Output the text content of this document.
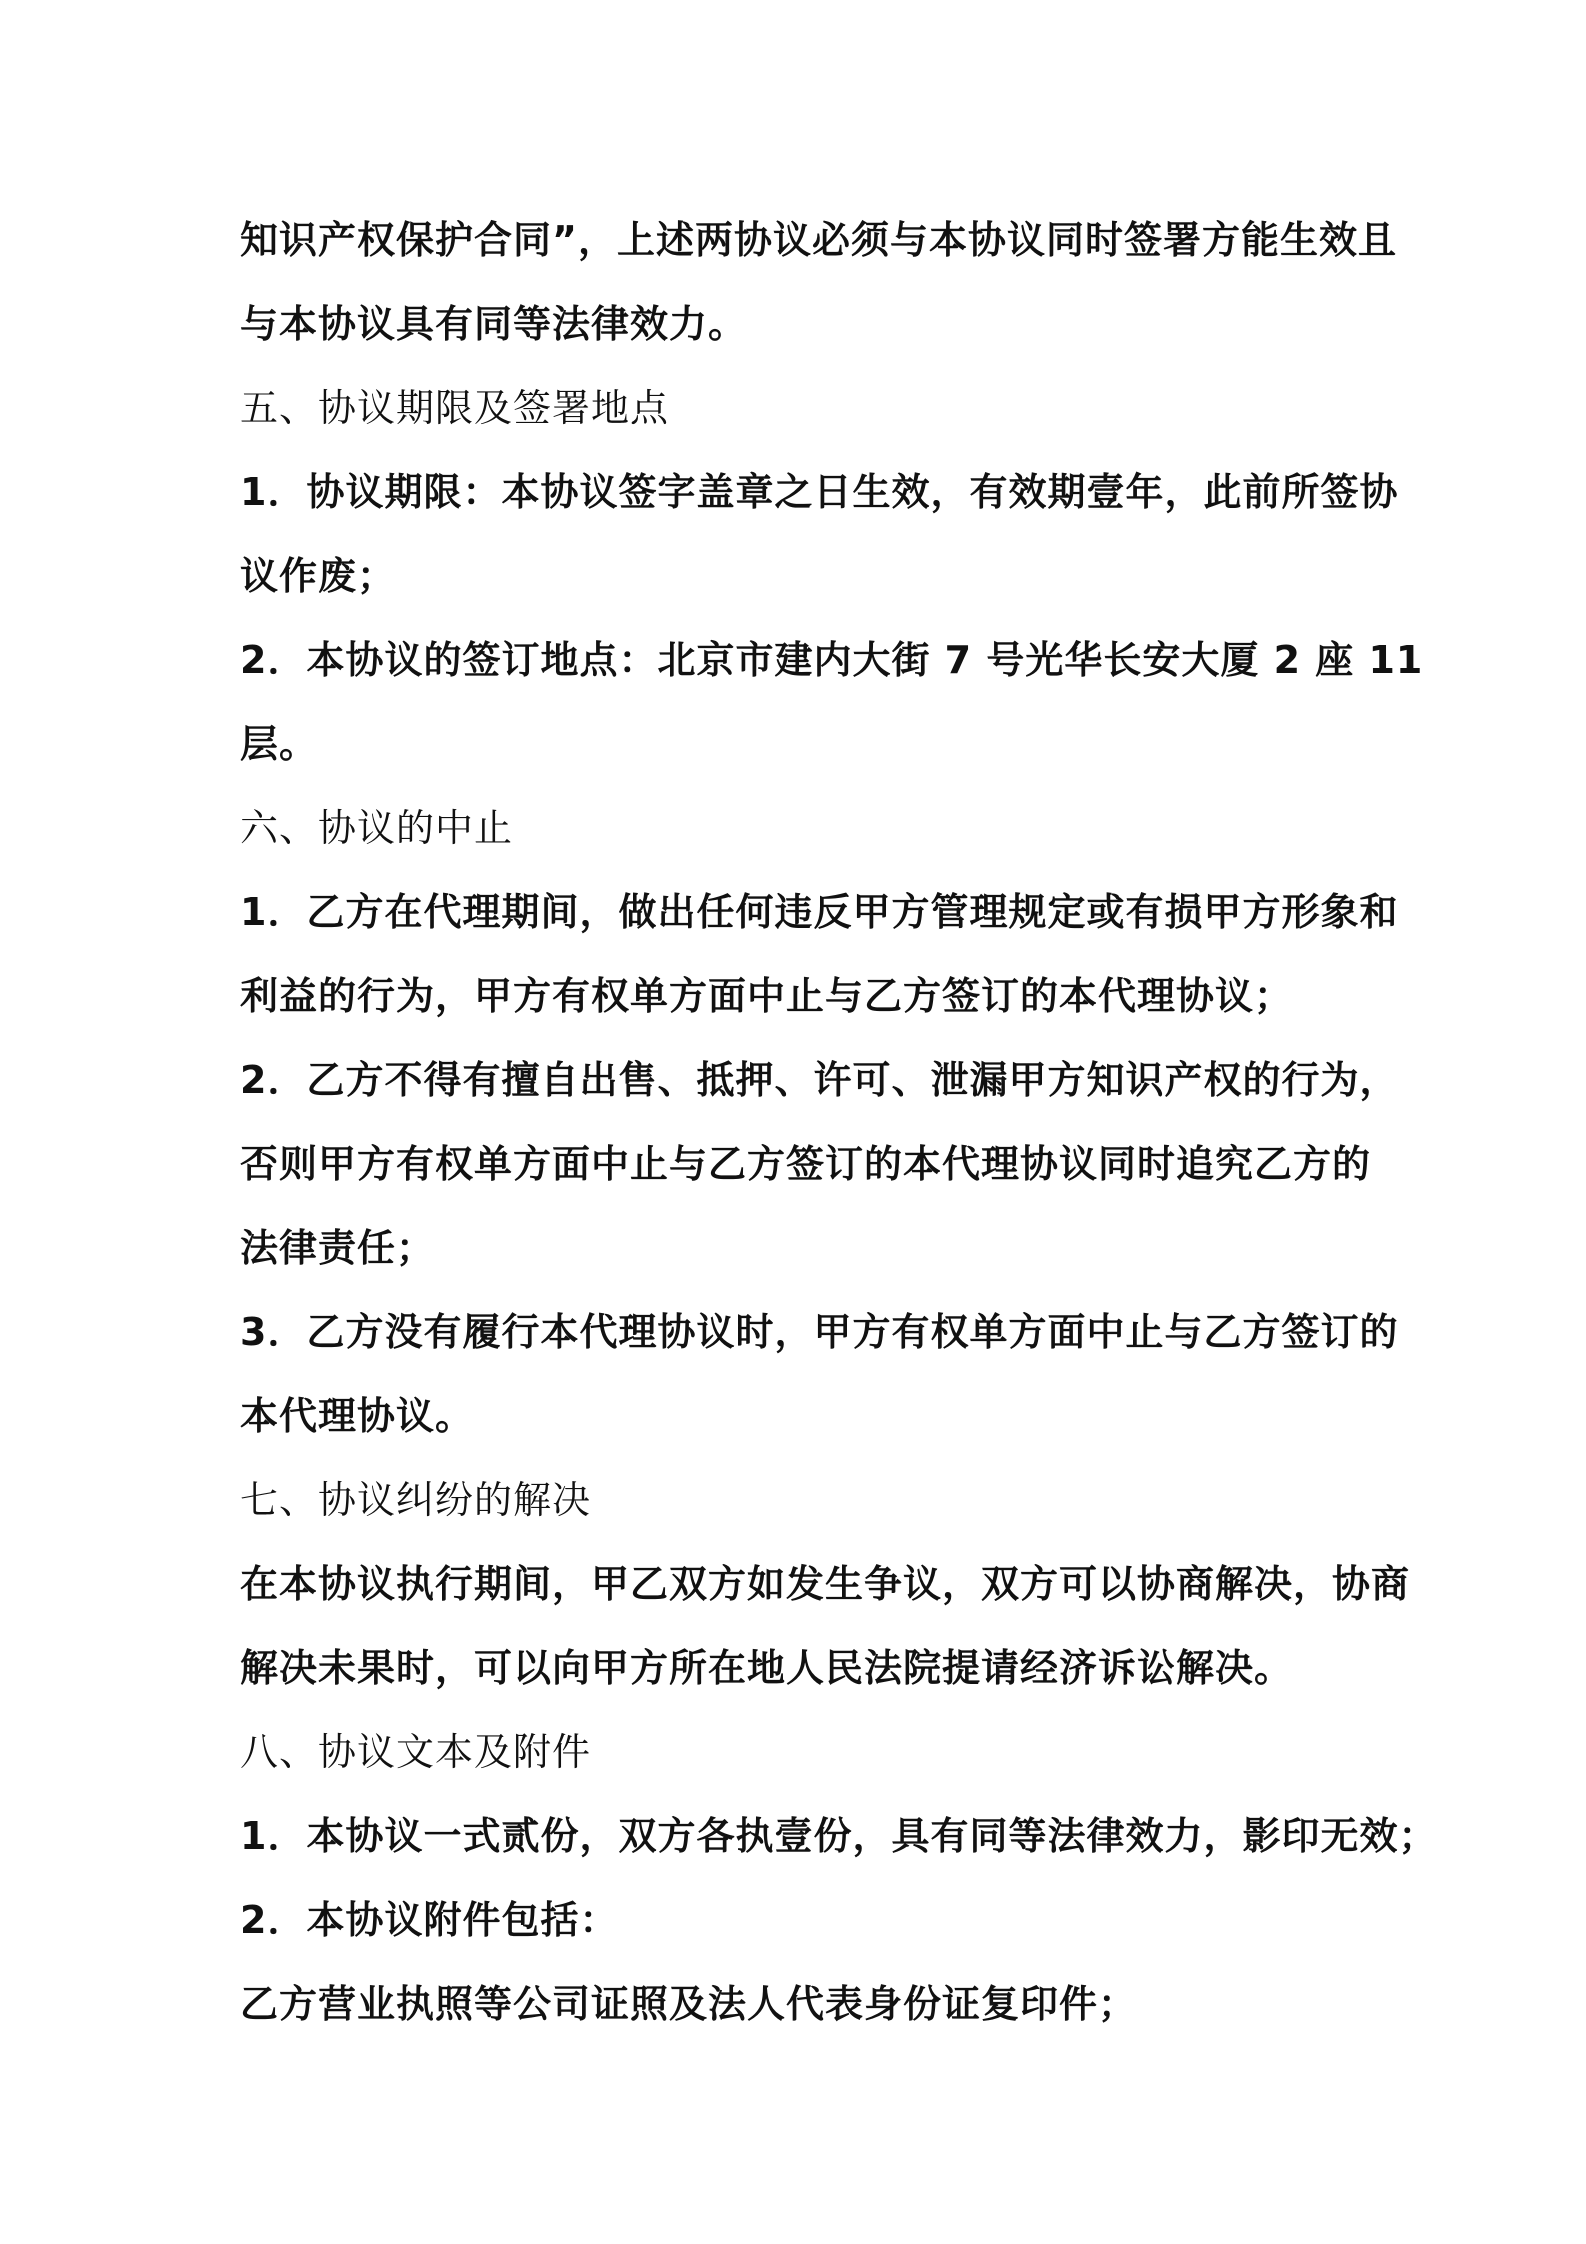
知识产权保护合同”，上述两协议必须与本协议同时签署方能生效且
与本协议具有同等法律效力。
五、协议期限及签署地点
1．协议期限：本协议签字盖章之日生效，有效期壹年，此前所签协
议作废；
2．本协议的签订地点：北京市建内大街 7 号光华长安大厦 2 座 11
层。
六、协议的中止
1．乙方在代理期间，做出任何违反甲方管理规定或有损甲方形象和
利益的行为，甲方有权单方面中止与乙方签订的本代理协议；
2．乙方不得有擅自出售、抵押、许可、泄漏甲方知识产权的行为，
否则甲方有权单方面中止与乙方签订的本代理协议同时追究乙方的
法律责任；
3．乙方没有履行本代理协议时，甲方有权单方面中止与乙方签订的
本代理协议。
七、协议纠纷的解决
在本协议执行期间，甲乙双方如发生争议，双方可以协商解决，协商
解决未果时，可以向甲方所在地人民法院提请经济诉讼解决。
八、协议文本及附件
1．本协议一式贰份，双方各执壹份，具有同等法律效力，影印无效；
2．本协议附件包括：
乙方营业执照等公司证照及法人代表身份证复印件；
